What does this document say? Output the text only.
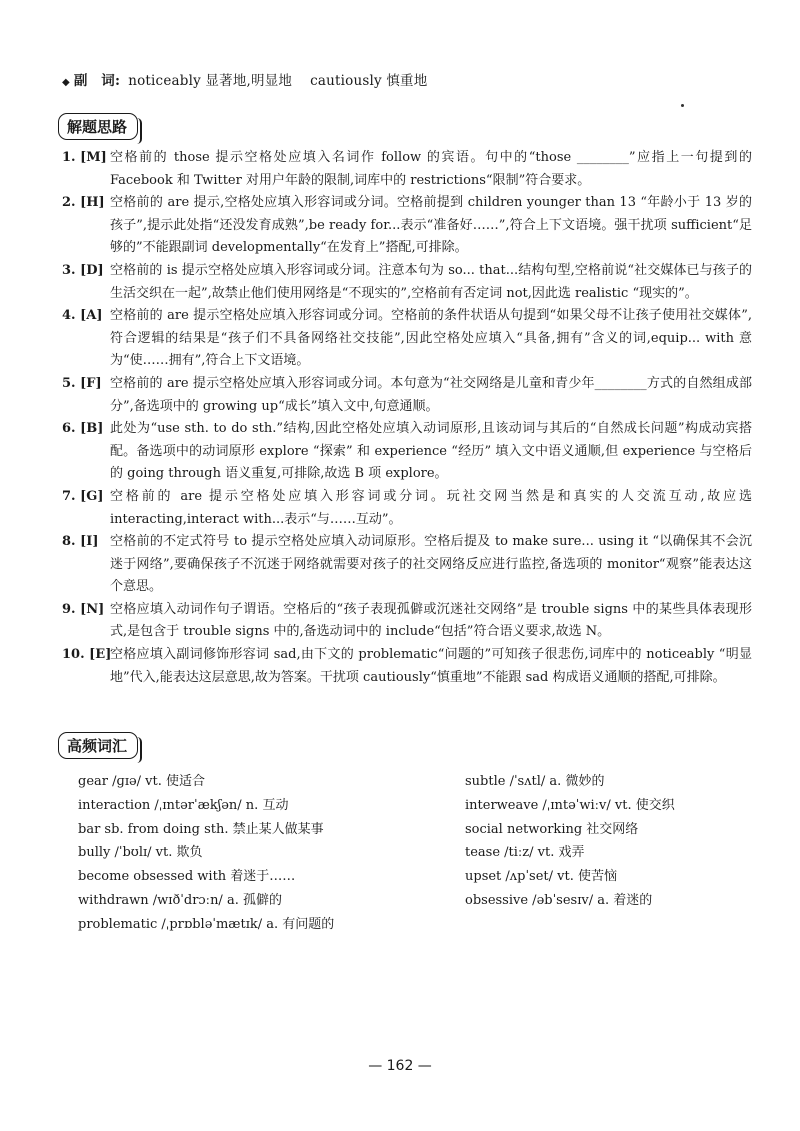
◆ 副　词: noticeably 显著地,明显地 cautiously 慎重地
解题思路
1. [M] 空格前的 those 提示空格处应填入名词作 follow 的宾语。句中的“those ________”应指上一句提到的 Facebook 和 Twitter 对用户年龄的限制,词库中的 restrictions“限制”符合要求。
2. [H] 空格前的 are 提示,空格处应填入形容词或分词。空格前提到 children younger than 13 “年龄小于 13 岁的孩子”,提示此处指“还没发育成熟”,be ready for...表示“准备好……”,符合上下文语境。强干扰项 sufficient“足够的”不能跟副词 developmentally“在发育上”搭配,可排除。
3. [D] 空格前的 is 提示空格处应填入形容词或分词。注意本句为 so... that...结构句型,空格前说“社交媒体已与孩子的生活交织在一起”,故禁止他们使用网络是“不现实的”,空格前有否定词 not,因此选 realistic “现实的”。
4. [A] 空格前的 are 提示空格处应填入形容词或分词。空格前的条件状语从句提到“如果父母不让孩子使用社交媒体”,符合逻辑的结果是“孩子们不具备网络社交技能”,因此空格处应填入“具备,拥有”含义的词,equip... with 意为“使……拥有”,符合上下文语境。
5. [F] 空格前的 are 提示空格处应填入形容词或分词。本句意为“社交网络是儿童和青少年________方式的自然组成部分”,备选项中的 growing up“成长”填入文中,句意通顺。
6. [B] 此处为“use sth. to do sth.”结构,因此空格处应填入动词原形,且该动词与其后的“自然成长问题”构成动宾搭配。备选项中的动词原形 explore “探索” 和 experience “经历” 填入文中语义通顺,但 experience 与空格后的 going through 语义重复,可排除,故选 B 项 explore。
7. [G] 空格前的 are 提示空格处应填入形容词或分词。玩社交网当然是和真实的人交流互动,故应选 interacting,interact with...表示“与……互动”。
8. [I] 空格前的不定式符号 to 提示空格处应填入动词原形。空格后提及 to make sure... using it “以确保其不会沉迷于网络”,要确保孩子不沉迷于网络就需要对孩子的社交网络反应进行监控,备选项的 monitor“观察”能表达这个意思。
9. [N] 空格应填入动词作句子谓语。空格后的“孩子表现孤僻或沉迷社交网络”是 trouble signs 中的某些具体表现形式,是包含于 trouble signs 中的,备选动词中的 include“包括”符合语义要求,故选 N。
10. [E]
空格应填入副词修饰形容词 sad,由下文的 problematic“问题的”可知孩子很悲伤,词库中的 noticeably “明显地”代入,能表达这层意思,故为答案。干扰项 cautiously“慎重地”不能跟 sad 构成语义通顺的搭配,可排除。
高频词汇
gear /ɡɪə/ vt. 使适合
interaction /ˌɪntərˈækʃən/ n. 互动
bar sb. from doing sth. 禁止某人做某事
bully /ˈbʊlɪ/ vt. 欺负
become obsessed with 着迷于……
withdrawn /wɪðˈdrɔːn/ a. 孤僻的
problematic /ˌprɒbləˈmætɪk/ a. 有问题的
subtle /ˈsʌtl/ a. 微妙的
interweave /ˌɪntəˈwiːv/ vt. 使交织
social networking 社交网络
tease /tiːz/ vt. 戏弄
upset /ʌpˈset/ vt. 使苦恼
obsessive /əbˈsesɪv/ a. 着迷的
— 162 —
